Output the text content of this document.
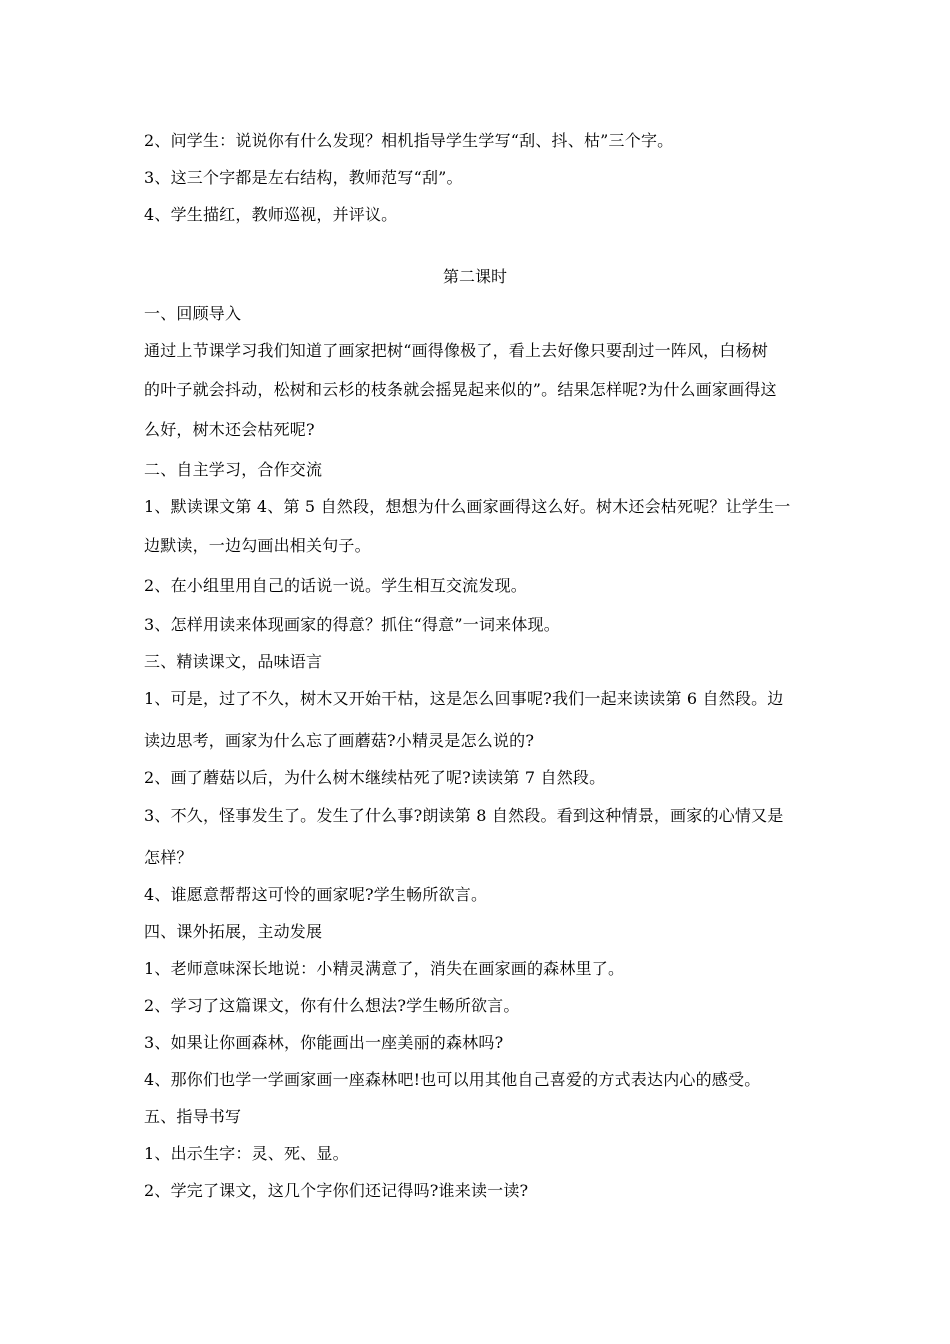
2、问学生：说说你有什么发现？相机指导学生学写“刮、抖、枯”三个字。
3、这三个字都是左右结构，教师范写“刮”。
4、学生描红，教师巡视，并评议。
第二课时
一、回顾导入
通过上节课学习我们知道了画家把树“画得像极了，看上去好像只要刮过一阵风，白杨树
的叶子就会抖动，松树和云杉的枝条就会摇晃起来似的”。结果怎样呢?为什么画家画得这
么好，树木还会枯死呢?
二、自主学习，合作交流
1、默读课文第 4、第 5 自然段，想想为什么画家画得这么好。树木还会枯死呢？让学生一
边默读，一边勾画出相关句子。
2、在小组里用自己的话说一说。学生相互交流发现。
3、怎样用读来体现画家的得意？抓住“得意”一词来体现。
三、精读课文，品味语言
1、可是，过了不久，树木又开始干枯，这是怎么回事呢?我们一起来读读第 6 自然段。边
读边思考，画家为什么忘了画蘑菇?小精灵是怎么说的?
2、画了蘑菇以后，为什么树木继续枯死了呢?读读第 7 自然段。
3、不久，怪事发生了。发生了什么事?朗读第 8 自然段。看到这种情景，画家的心情又是
怎样？
4、谁愿意帮帮这可怜的画家呢?学生畅所欲言。
四、课外拓展，主动发展
1、老师意味深长地说：小精灵满意了，消失在画家画的森林里了。
2、学习了这篇课文，你有什么想法?学生畅所欲言。
3、如果让你画森林，你能画出一座美丽的森林吗?
4、那你们也学一学画家画一座森林吧!也可以用其他自己喜爱的方式表达内心的感受。
五、指导书写
1、出示生字：灵、死、显。
2、学完了课文，这几个字你们还记得吗?谁来读一读?
